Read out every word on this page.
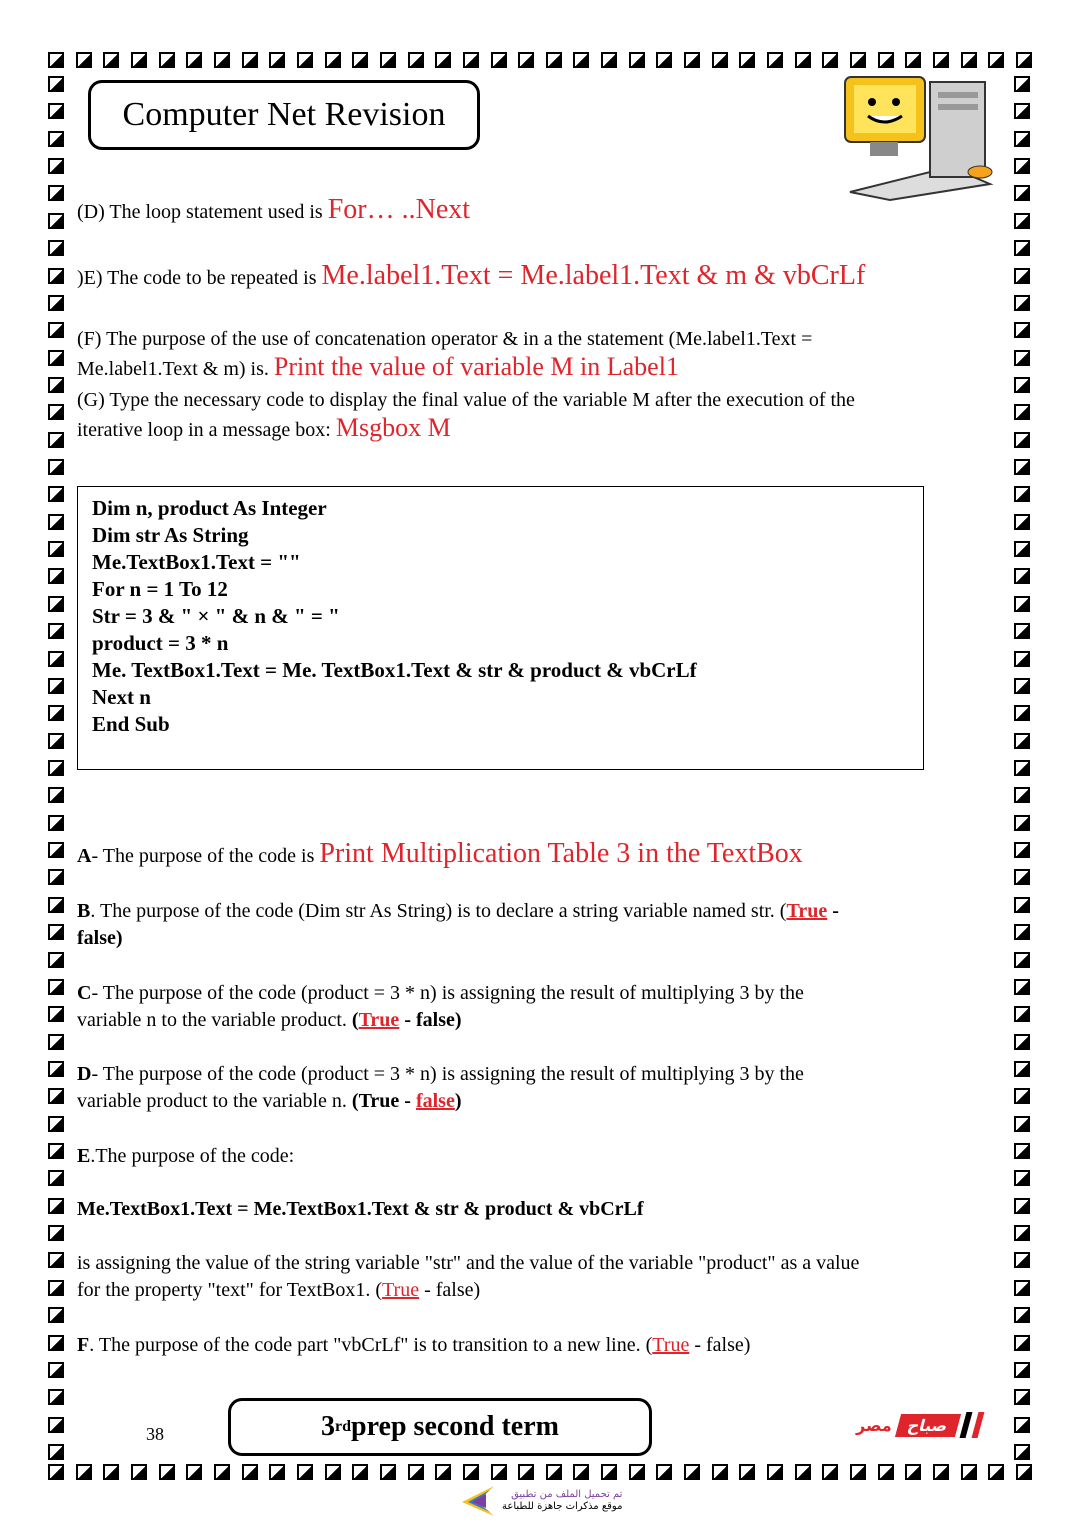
Computer Net Revision
(D) The loop statement used is For… ..Next
)E) The code to be repeated is Me.label1.Text = Me.label1.Text & m & vbCrLf
(F) The purpose of the use of concatenation operator & in a the statement (Me.label1.Text =
Me.label1.Text & m) is. Print the value of variable M in Label1
(G) Type the necessary code to display the final value of the variable M after the execution of the
iterative loop in a message box: Msgbox M
Dim n, product As Integer
Dim str As String
Me.TextBox1.Text = ""
For n = 1 To 12
Str = 3 & " × " & n & " = "
product = 3 * n
Me. TextBox1.Text = Me. TextBox1.Text & str & product & vbCrLf
Next n
End Sub
A- The purpose of the code is Print Multiplication Table 3 in the TextBox
B. The purpose of the code (Dim str As String) is to declare a string variable named str. (True -
false)
C- The purpose of the code (product = 3 * n) is assigning the result of multiplying 3 by the
variable n to the variable product. (True - false)
D- The purpose of the code (product = 3 * n) is assigning the result of multiplying 3 by the
variable product to the variable n. (True - false)
E.The purpose of the code:
Me.TextBox1.Text = Me.TextBox1.Text & str & product & vbCrLf
is assigning the value of the string variable "str" and the value of the variable "product" as a value
for the property "text" for TextBox1. (True - false)
F. The purpose of the code part "vbCrLf" is to transition to a new line. (True - false)
38	3 rd prep second term	مصر صباح
تم تحميل الملف من تطبيق
موقع مذكرات جاهزة للطباعة
